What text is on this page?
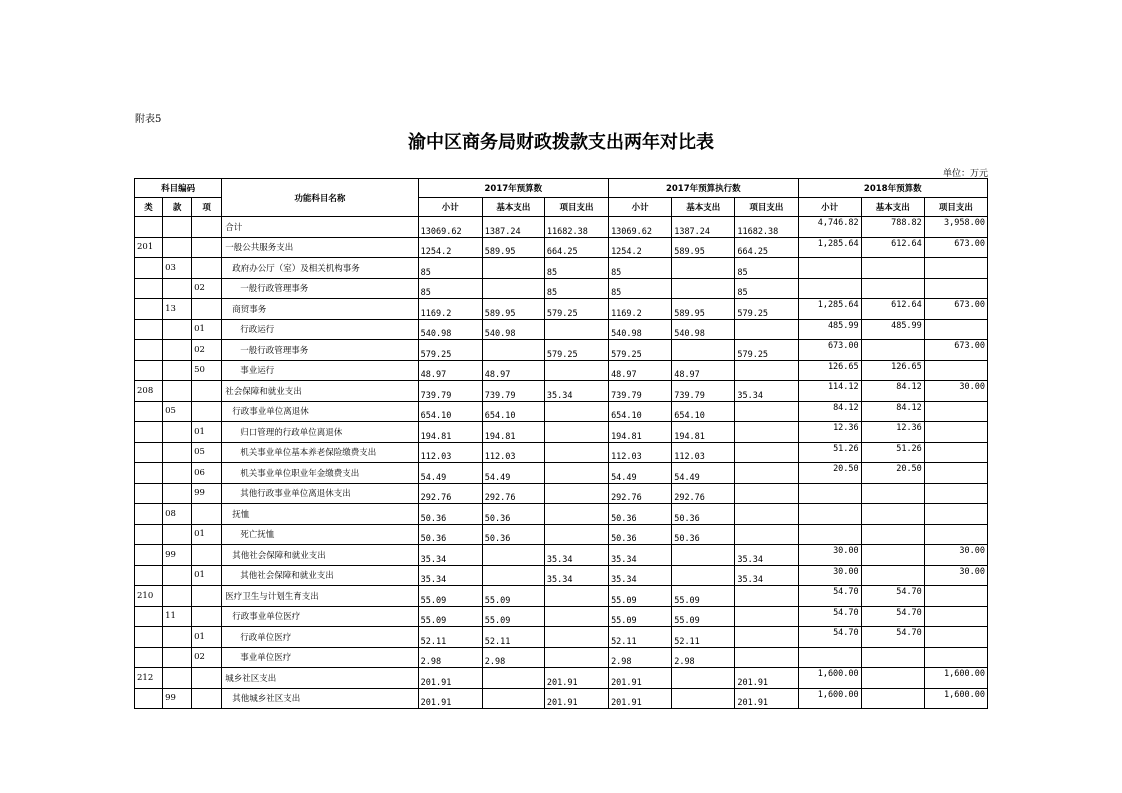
附表5
渝中区商务局财政拨款支出两年对比表
单位：万元
科目编码			功能科目名称	2017年预算数			2017年预算执行数			2018年预算数		
类	款	项		小计	基本支出	项目支出	小计	基本支出	项目支出	小计	基本支出	项目支出
			合计	13069.62	1387.24	11682.38	13069.62	1387.24	11682.38	4,746.82	788.82	3,958.00
201			一般公共服务支出	1254.2	589.95	664.25	1254.2	589.95	664.25	1,285.64	612.64	673.00
	03		政府办公厅（室）及相关机构事务	85		85	85		85			
		02	一般行政管理事务	85		85	85		85			
	13		商贸事务	1169.2	589.95	579.25	1169.2	589.95	579.25	1,285.64	612.64	673.00
		01	行政运行	540.98	540.98		540.98	540.98		485.99	485.99	
		02	一般行政管理事务	579.25		579.25	579.25		579.25	673.00		673.00
		50	事业运行	48.97	48.97		48.97	48.97		126.65	126.65	
208			社会保障和就业支出	739.79	739.79	35.34	739.79	739.79	35.34	114.12	84.12	30.00
	05		行政事业单位离退休	654.10	654.10		654.10	654.10		84.12	84.12	
		01	归口管理的行政单位离退休	194.81	194.81		194.81	194.81		12.36	12.36	
		05	机关事业单位基本养老保险缴费支出	112.03	112.03		112.03	112.03		51.26	51.26	
		06	机关事业单位职业年金缴费支出	54.49	54.49		54.49	54.49		20.50	20.50	
		99	其他行政事业单位离退休支出	292.76	292.76		292.76	292.76				
	08		抚恤	50.36	50.36		50.36	50.36				
		01	死亡抚恤	50.36	50.36		50.36	50.36				
	99		其他社会保障和就业支出	35.34		35.34	35.34		35.34	30.00		30.00
		01	其他社会保障和就业支出	35.34		35.34	35.34		35.34	30.00		30.00
210			医疗卫生与计划生育支出	55.09	55.09		55.09	55.09		54.70	54.70	
	11		行政事业单位医疗	55.09	55.09		55.09	55.09		54.70	54.70	
		01	行政单位医疗	52.11	52.11		52.11	52.11		54.70	54.70	
		02	事业单位医疗	2.98	2.98		2.98	2.98				
212			城乡社区支出	201.91		201.91	201.91		201.91	1,600.00		1,600.00
	99		其他城乡社区支出	201.91		201.91	201.91		201.91	1,600.00		1,600.00
